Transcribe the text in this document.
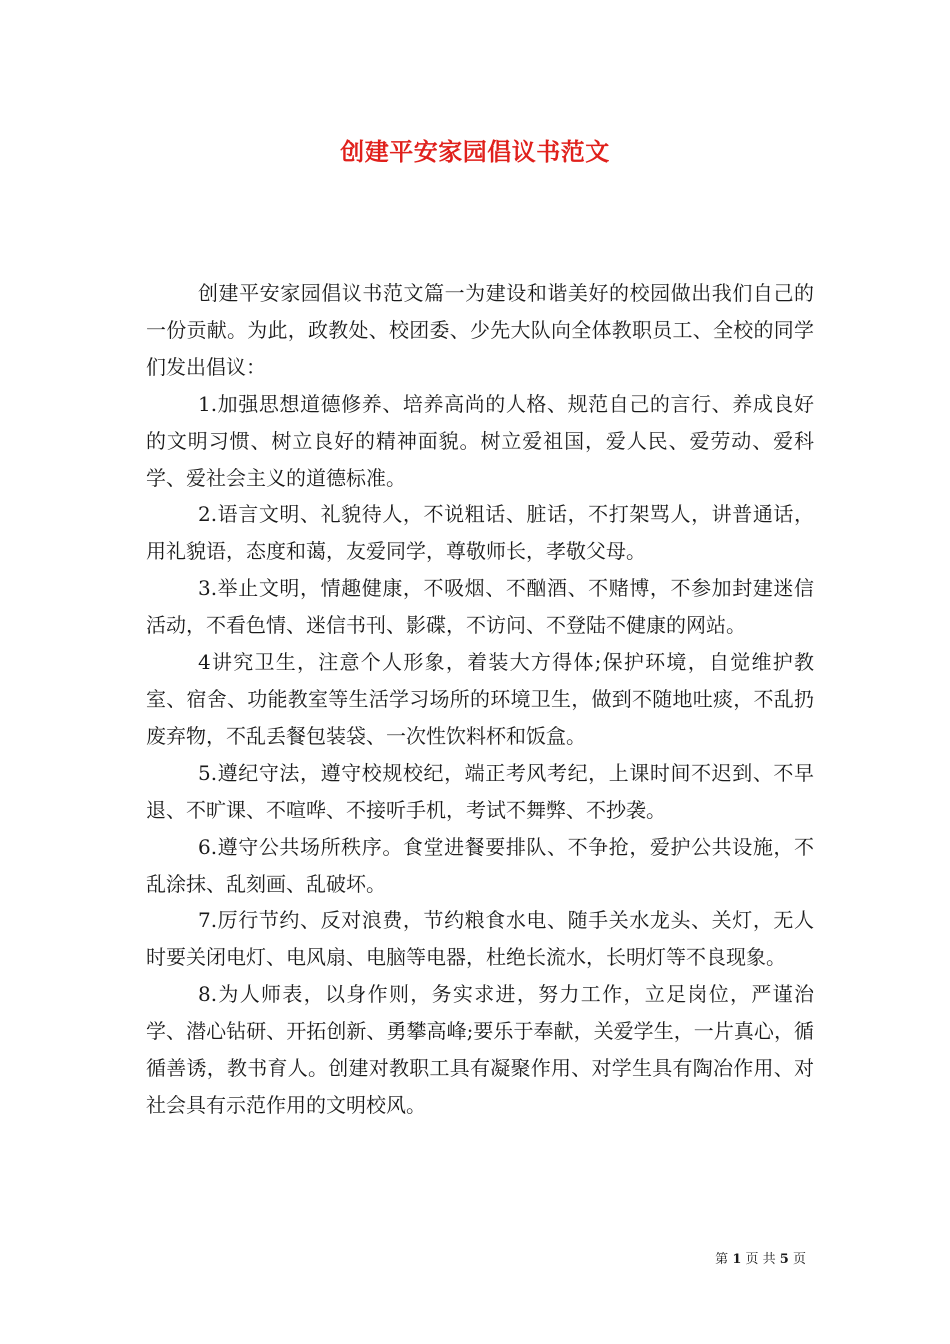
创建平安家园倡议书范文

创建平安家园倡议书范文篇一为建设和谐美好的校园做出我们自己的一份贡献。为此，政教处、校团委、少先大队向全体教职员工、全校的同学们发出倡议：

1.加强思想道德修养、培养高尚的人格、规范自己的言行、养成良好的文明习惯、树立良好的精神面貌。树立爱祖国，爱人民、爱劳动、爱科学、爱社会主义的道德标准。

2.语言文明、礼貌待人，不说粗话、脏话，不打架骂人，讲普通话，用礼貌语，态度和蔼，友爱同学，尊敬师长，孝敬父母。

3.举止文明，情趣健康，不吸烟、不酗酒、不赌博，不参加封建迷信活动，不看色情、迷信书刊、影碟，不访问、不登陆不健康的网站。

4讲究卫生，注意个人形象，着装大方得体;保护环境，自觉维护教室、宿舍、功能教室等生活学习场所的环境卫生，做到不随地吐痰，不乱扔废弃物，不乱丢餐包装袋、一次性饮料杯和饭盒。

5.遵纪守法，遵守校规校纪，端正考风考纪，上课时间不迟到、不早退、不旷课、不喧哗、不接听手机，考试不舞弊、不抄袭。

6.遵守公共场所秩序。食堂进餐要排队、不争抢，爱护公共设施，不乱涂抹、乱刻画、乱破坏。

7.厉行节约、反对浪费，节约粮食水电、随手关水龙头、关灯，无人时要关闭电灯、电风扇、电脑等电器，杜绝长流水，长明灯等不良现象。

8.为人师表，以身作则，务实求进，努力工作，立足岗位，严谨治学、潜心钻研、开拓创新、勇攀高峰;要乐于奉献，关爱学生，一片真心，循循善诱，教书育人。创建对教职工具有凝聚作用、对学生具有陶冶作用、对社会具有示范作用的文明校风。

第 1 页 共 5 页
